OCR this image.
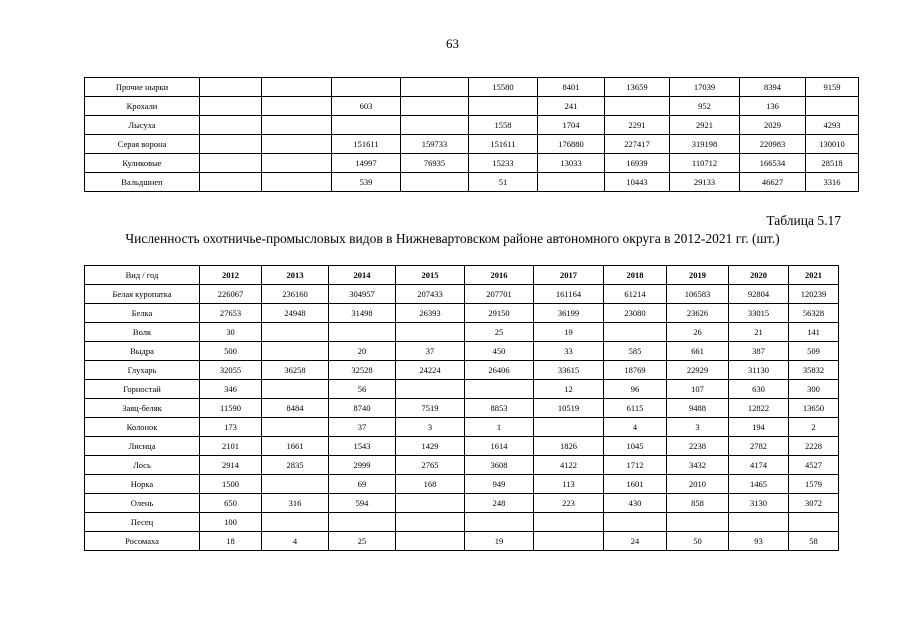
63
Прочие нырки					15580	8401	13659	17039	8394	9159
Крохали			603			241		952	136	
Лысуха					1558	1704	2291	2921	2029	4293
Серая ворона			151611	159733	151611	176880	227417	319198	220983	130010
Куликовые			14997	76935	15233	13033	16939	110712	166534	28518
Вальдшнеп			539		51		10443	29133	46627	3316
Таблица 5.17
Численность охотничье-промысловых видов в Нижневартовском районе автономного округа в 2012-2021 гг. (шт.)
Вид / год	2012	2013	2014	2015	2016	2017	2018	2019	2020	2021
Белая куропатка	226067	236160	304957	207433	207701	161164	61214	106583	92804	120239
Белка	27653	24948	31498	26393	29150	36199	23080	23626	33015	56328
Волк	30				25	19		26	21	141
Выдра	500		20	37	450	33	585	661	387	509
Глухарь	32055	36258	32528	24224	26406	33615	18769	22929	31130	35832
Горностай	346		56			12	96	107	630	300
Заяц-беляк	11590	8484	8740	7519	8853	10519	6115	9488	12822	13650
Колонок	173		37	3	1		4	3	194	2
Лисица	2101	1661	1543	1429	1614	1826	1045	2238	2782	2228
Лось	2914	2835	2999	2765	3608	4122	1712	3432	4174	4527
Норка	1500		69	168	949	113	1601	2010	1465	1579
Олень	650	316	594		248	223	430	858	3130	3072
Песец	100									
Росомаха	18	4	25		19		24	50	93	58
